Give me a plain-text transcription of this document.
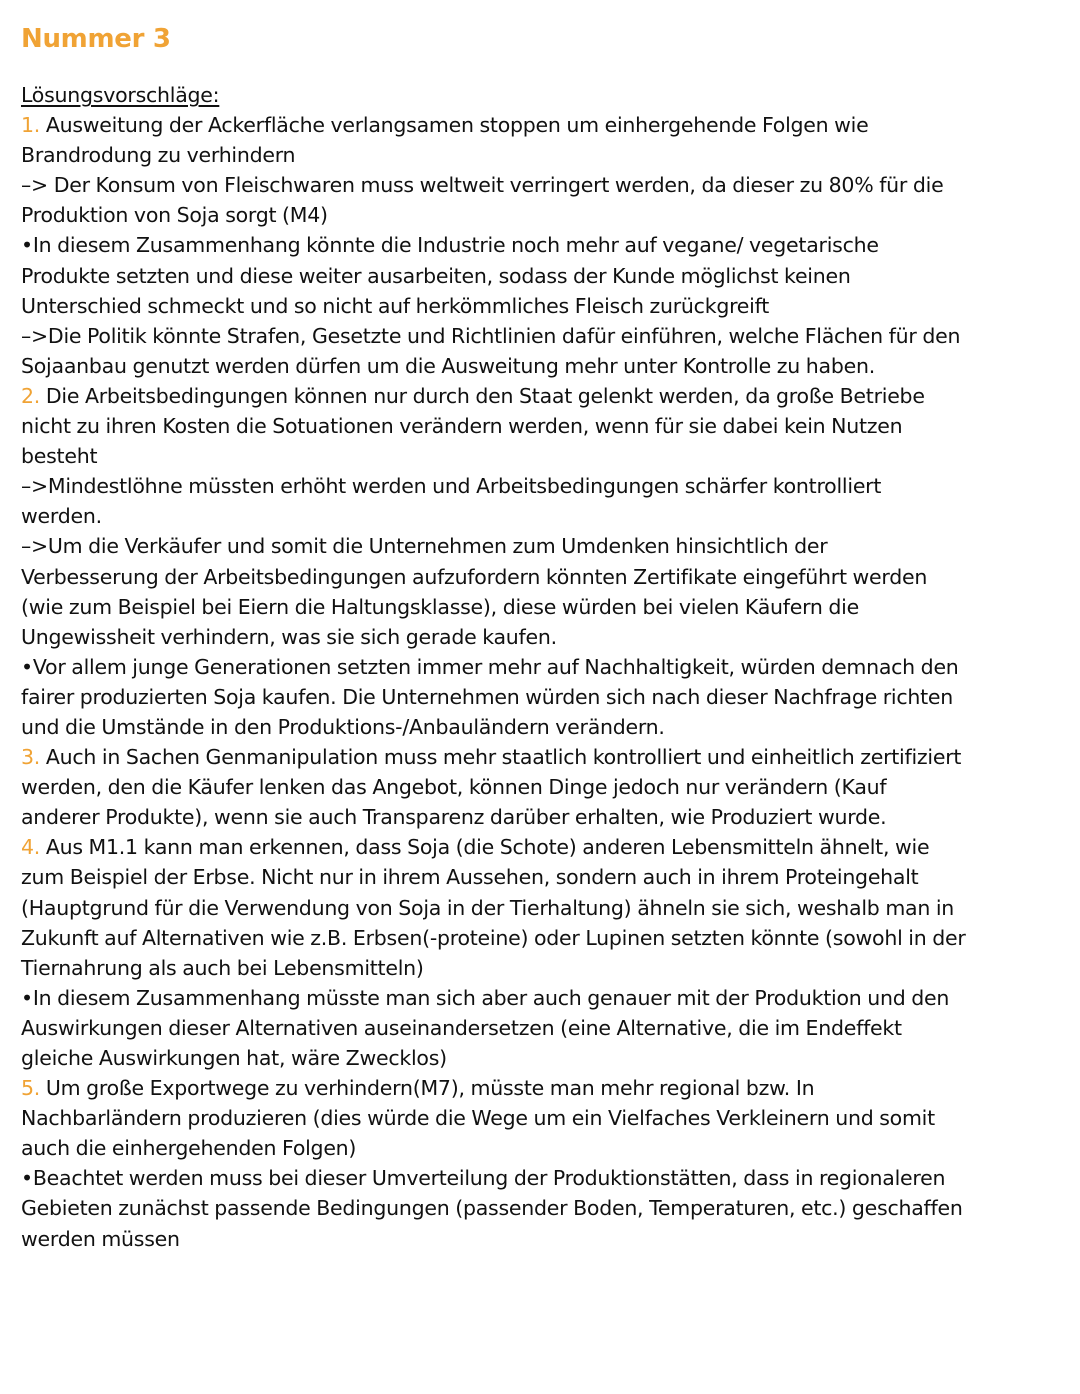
Nummer 3
Lösungsvorschläge:
1. Ausweitung der Ackerfläche verlangsamen stoppen um einhergehende Folgen wie
Brandrodung zu verhindern
–> Der Konsum von Fleischwaren muss weltweit verringert werden, da dieser zu 80% für die
Produktion von Soja sorgt (M4)
•In diesem Zusammenhang könnte die Industrie noch mehr auf vegane/ vegetarische
Produkte setzten und diese weiter ausarbeiten, sodass der Kunde möglichst keinen
Unterschied schmeckt und so nicht auf herkömmliches Fleisch zurückgreift
–>Die Politik könnte Strafen, Gesetzte und Richtlinien dafür einführen, welche Flächen für den
Sojaanbau genutzt werden dürfen um die Ausweitung mehr unter Kontrolle zu haben.
2. Die Arbeitsbedingungen können nur durch den Staat gelenkt werden, da große Betriebe
nicht zu ihren Kosten die Sotuationen verändern werden, wenn für sie dabei kein Nutzen
besteht
–>Mindestlöhne müssten erhöht werden und Arbeitsbedingungen schärfer kontrolliert
werden.
–>Um die Verkäufer und somit die Unternehmen zum Umdenken hinsichtlich der
Verbesserung der Arbeitsbedingungen aufzufordern könnten Zertifikate eingeführt werden
(wie zum Beispiel bei Eiern die Haltungsklasse), diese würden bei vielen Käufern die
Ungewissheit verhindern, was sie sich gerade kaufen.
•Vor allem junge Generationen setzten immer mehr auf Nachhaltigkeit, würden demnach den
fairer produzierten Soja kaufen. Die Unternehmen würden sich nach dieser Nachfrage richten
und die Umstände in den Produktions-/Anbauländern verändern.
3. Auch in Sachen Genmanipulation muss mehr staatlich kontrolliert und einheitlich zertifiziert
werden, den die Käufer lenken das Angebot, können Dinge jedoch nur verändern (Kauf
anderer Produkte), wenn sie auch Transparenz darüber erhalten, wie Produziert wurde.
4. Aus M1.1 kann man erkennen, dass Soja (die Schote) anderen Lebensmitteln ähnelt, wie
zum Beispiel der Erbse. Nicht nur in ihrem Aussehen, sondern auch in ihrem Proteingehalt
(Hauptgrund für die Verwendung von Soja in der Tierhaltung) ähneln sie sich, weshalb man in
Zukunft auf Alternativen wie z.B. Erbsen(-proteine) oder Lupinen setzten könnte (sowohl in der
Tiernahrung als auch bei Lebensmitteln)
•In diesem Zusammenhang müsste man sich aber auch genauer mit der Produktion und den
Auswirkungen dieser Alternativen auseinandersetzen (eine Alternative, die im Endeffekt
gleiche Auswirkungen hat, wäre Zwecklos)
5. Um große Exportwege zu verhindern(M7), müsste man mehr regional bzw. In
Nachbarländern produzieren (dies würde die Wege um ein Vielfaches Verkleinern und somit
auch die einhergehenden Folgen)
•Beachtet werden muss bei dieser Umverteilung der Produktionstätten, dass in regionaleren
Gebieten zunächst passende Bedingungen (passender Boden, Temperaturen, etc.) geschaffen
werden müssen
